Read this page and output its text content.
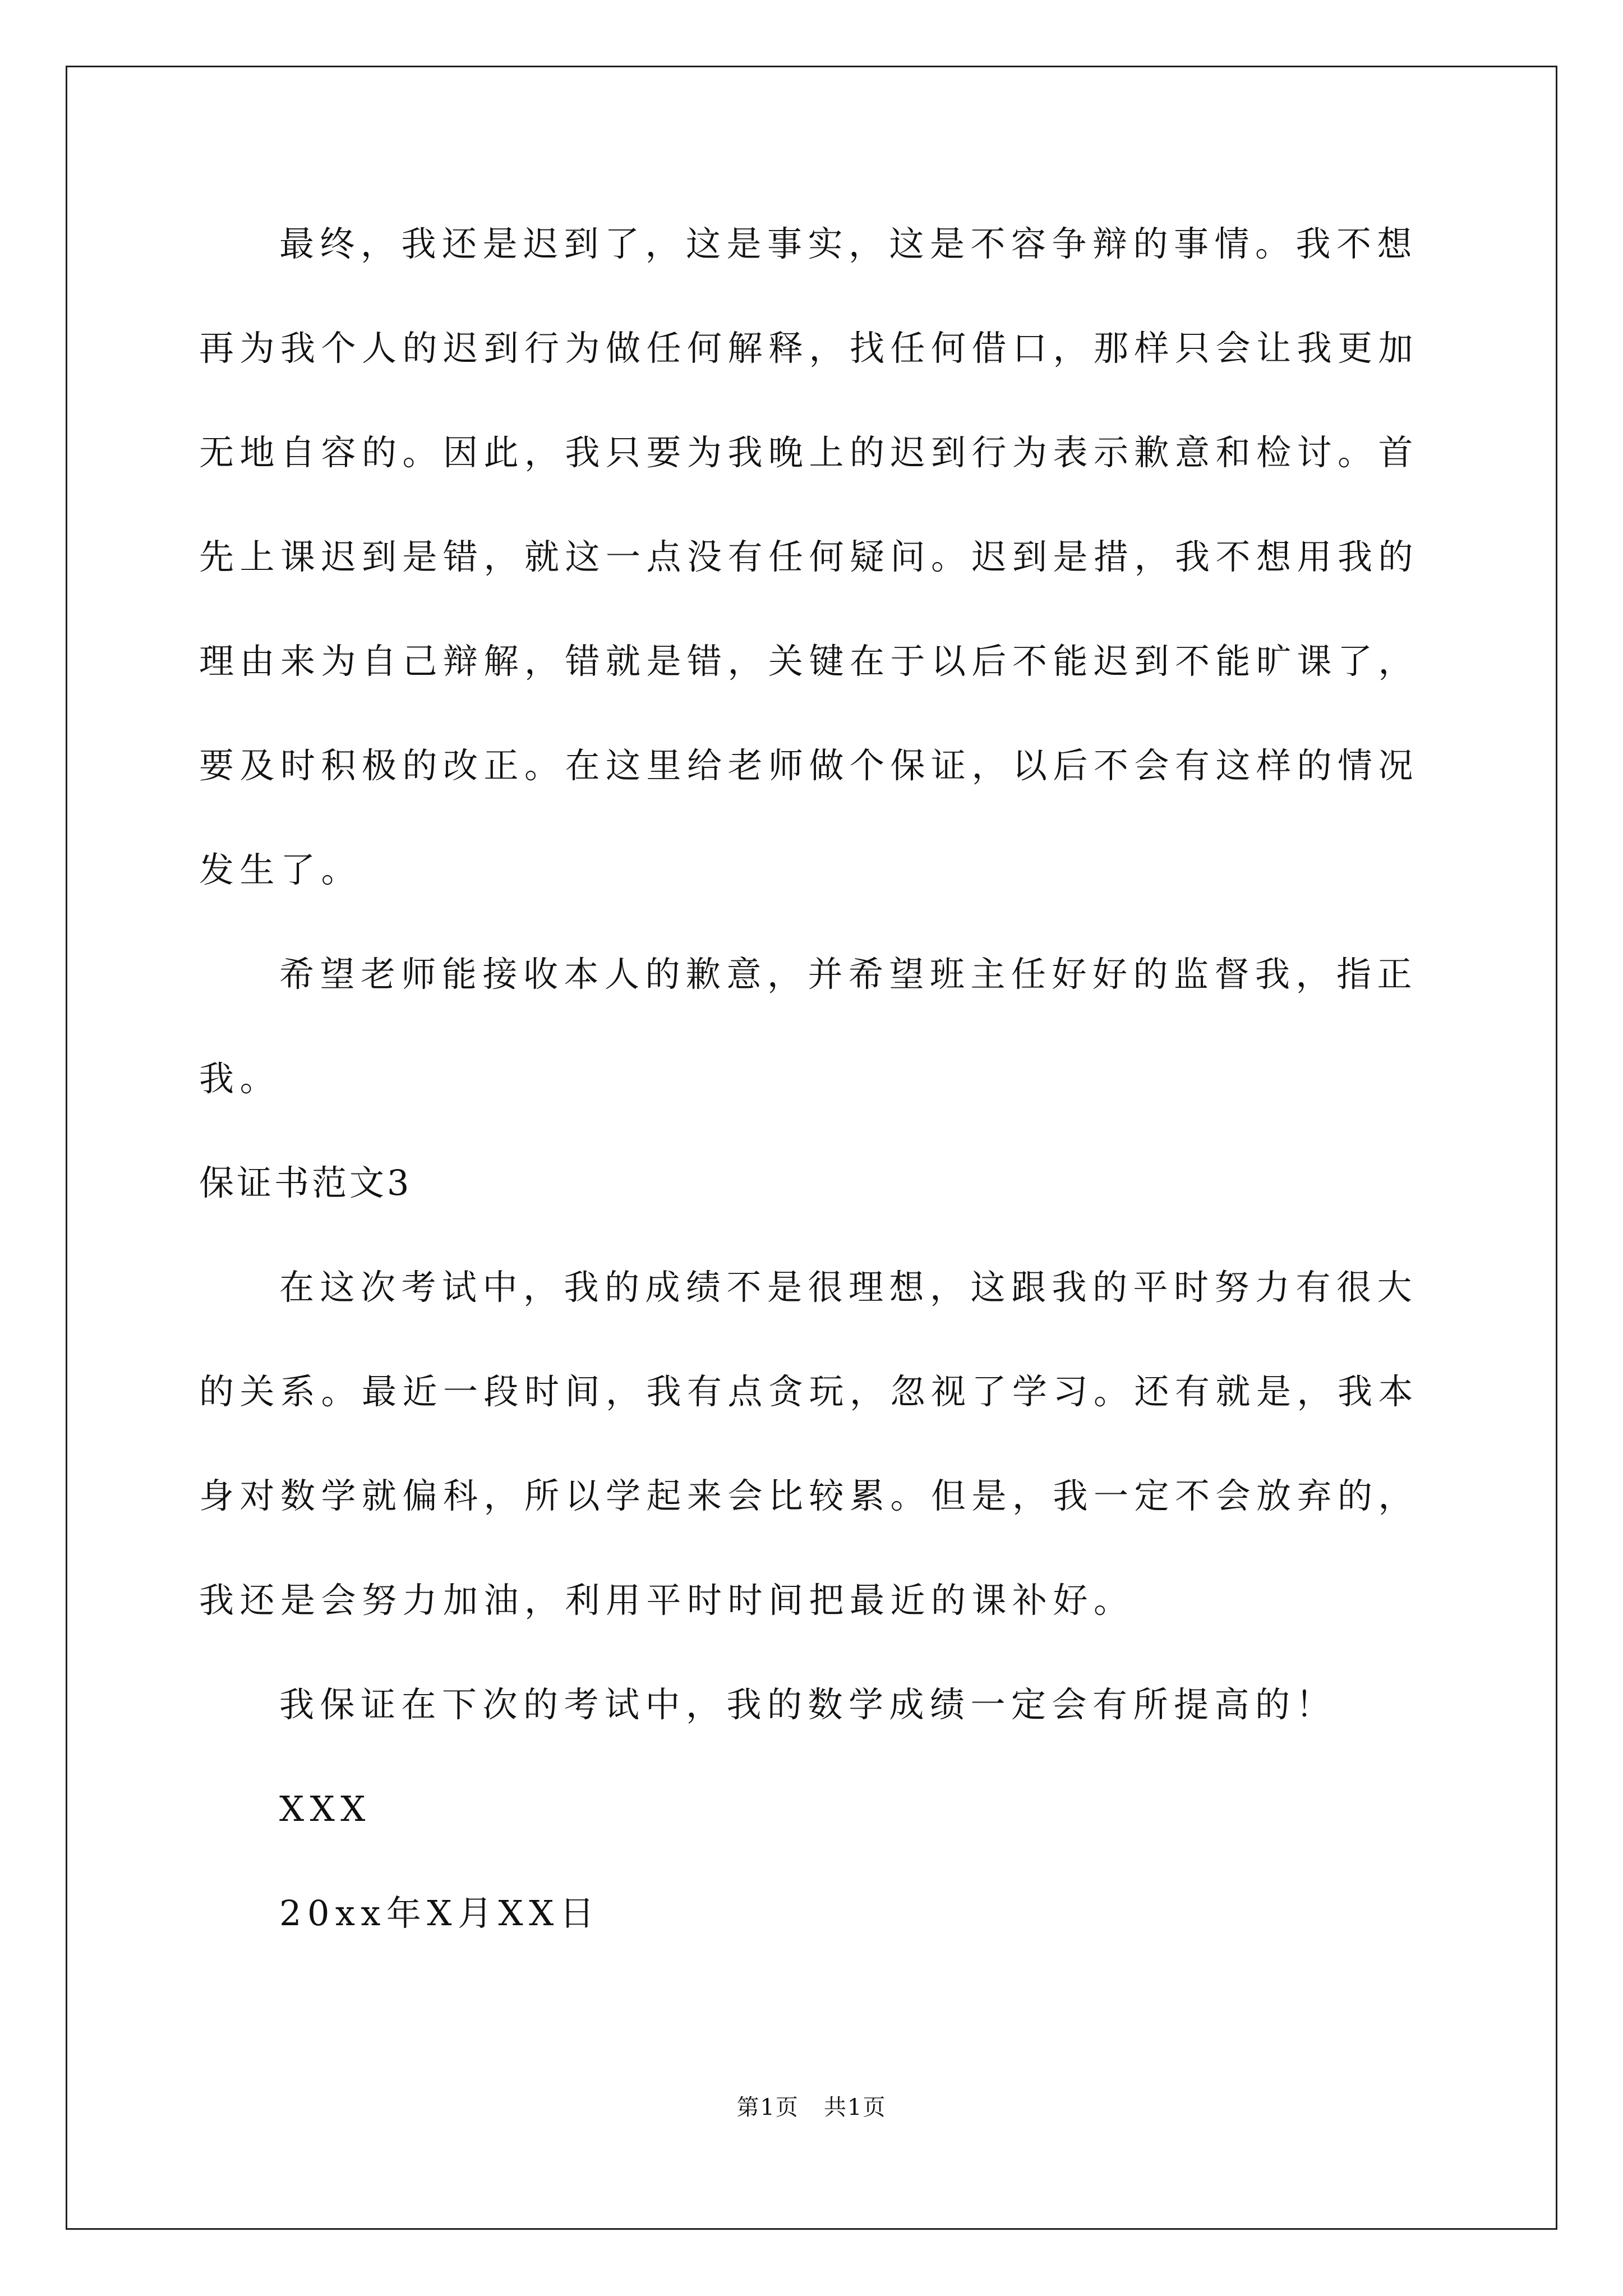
最终，我还是迟到了，这是事实，这是不容争辩的事情。我不想
再为我个人的迟到行为做任何解释，找任何借口，那样只会让我更加
无地自容的。因此，我只要为我晚上的迟到行为表示歉意和检讨。首
先上课迟到是错，就这一点没有任何疑问。迟到是措，我不想用我的
理由来为自己辩解，错就是错，关键在于以后不能迟到不能旷课了，
要及时积极的改正。在这里给老师做个保证，以后不会有这样的情况
发生了。
希望老师能接收本人的歉意，并希望班主任好好的监督我，指正
我。
保证书范文3
在这次考试中，我的成绩不是很理想，这跟我的平时努力有很大
的关系。最近一段时间，我有点贪玩，忽视了学习。还有就是，我本
身对数学就偏科，所以学起来会比较累。但是，我一定不会放弃的，
我还是会努力加油，利用平时时间把最近的课补好。
我保证在下次的考试中，我的数学成绩一定会有所提高的！
XXX
20xx年X月XX日
第1页   共1页
